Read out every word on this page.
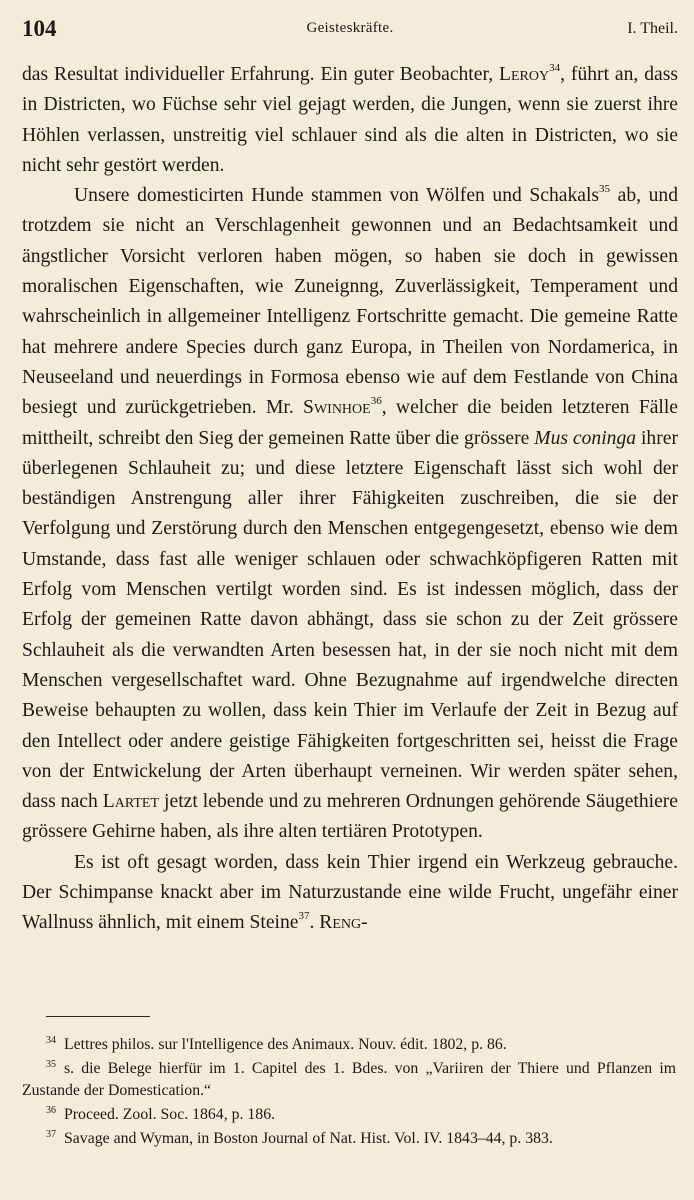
104	Geisteskräfte.	I. Theil.

das Resultat individueller Erfahrung. Ein guter Beobachter, Leroy$^{34}$, führt an, dass in Districten, wo Füchse sehr viel gejagt werden, die Jungen, wenn sie zuerst ihre Höhlen verlassen, unstreitig viel schlauer sind als die alten in Districten, wo sie nicht sehr gestört werden.

Unsere domesticirten Hunde stammen von Wölfen und Schakals$^{35}$ ab, und trotzdem sie nicht an Verschlagenheit gewonnen und an Bedachtsamkeit und ängstlicher Vorsicht verloren haben mögen, so haben sie doch in gewissen moralischen Eigenschaften, wie Zuneignng, Zuverlässigkeit, Temperament und wahrscheinlich in allgemeiner Intelligenz Fortschritte gemacht. Die gemeine Ratte hat mehrere andere Species durch ganz Europa, in Theilen von Nordamerica, in Neuseeland und neuerdings in Formosa ebenso wie auf dem Festlande von China besiegt und zurückgetrieben. Mr. Swinhoe$^{36}$, welcher die beiden letzteren Fälle mittheilt, schreibt den Sieg der gemeinen Ratte über die grössere Mus coninga ihrer überlegenen Schlauheit zu; und diese letztere Eigenschaft lässt sich wohl der beständigen Anstrengung aller ihrer Fähigkeiten zuschreiben, die sie der Verfolgung und Zerstörung durch den Menschen entgegengesetzt, ebenso wie dem Umstande, dass fast alle weniger schlauen oder schwachköpfigeren Ratten mit Erfolg vom Menschen vertilgt worden sind. Es ist indessen möglich, dass der Erfolg der gemeinen Ratte davon abhängt, dass sie schon zu der Zeit grössere Schlauheit als die verwandten Arten besessen hat, in der sie noch nicht mit dem Menschen vergesellschaftet ward. Ohne Bezugnahme auf irgendwelche directen Beweise behaupten zu wollen, dass kein Thier im Verlaufe der Zeit in Bezug auf den Intellect oder andere geistige Fähigkeiten fortgeschritten sei, heisst die Frage von der Entwickelung der Arten überhaupt verneinen. Wir werden später sehen, dass nach Lartet jetzt lebende und zu mehreren Ordnungen gehörende Säugethiere grössere Gehirne haben, als ihre alten tertiären Prototypen.

Es ist oft gesagt worden, dass kein Thier irgend ein Werkzeug gebrauche. Der Schimpanse knackt aber im Naturzustande eine wilde Frucht, ungefähr einer Wallnuss ähnlich, mit einem Steine$^{37}$. Reng-

$^{34}$ Lettres philos. sur l'Intelligence des Animaux. Nouv. édit. 1802, p. 86.

$^{35}$ s. die Belege hierfür im 1. Capitel des 1. Bdes. von „Variiren der Thiere und Pflanzen im Zustande der Domestication.“

$^{36}$ Proceed. Zool. Soc. 1864, p. 186.

$^{37}$ Savage and Wyman, in Boston Journal of Nat. Hist. Vol. IV. 1843–44, p. 383.
